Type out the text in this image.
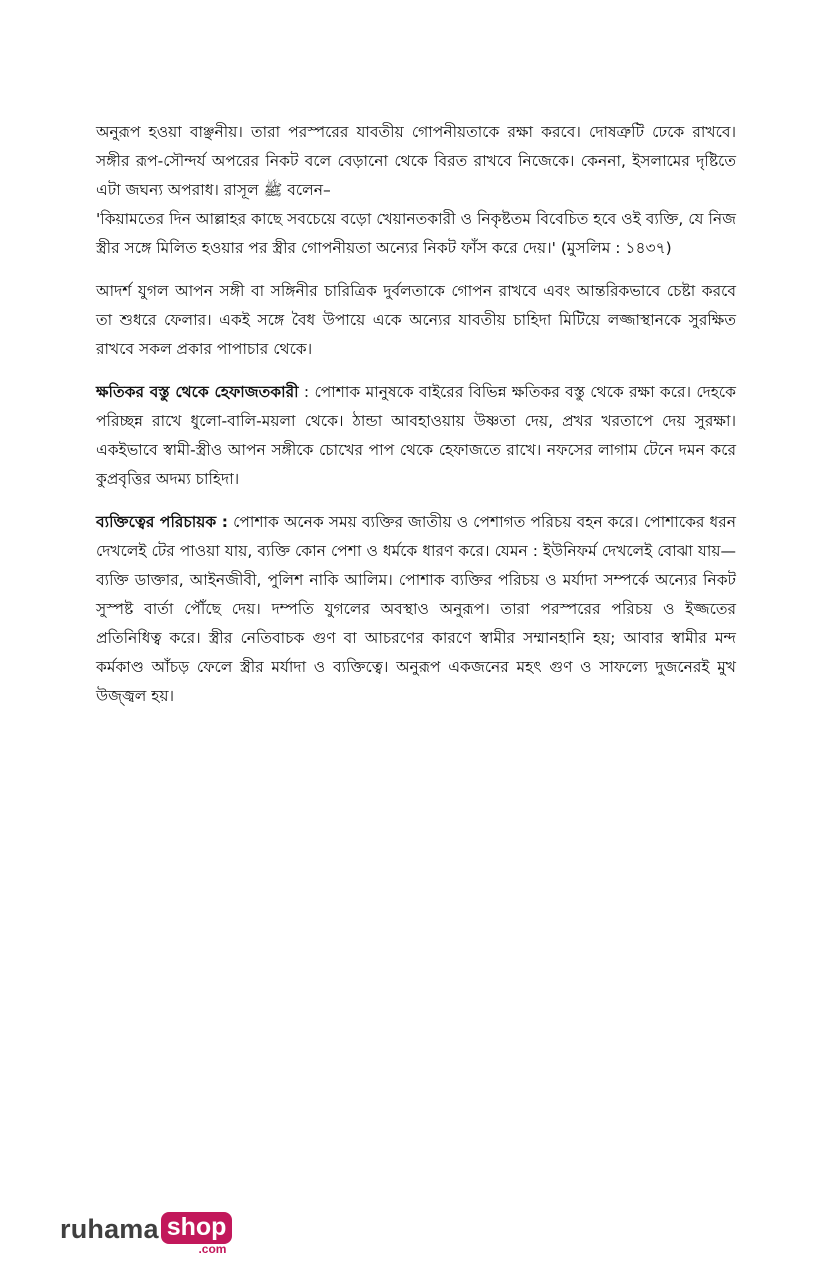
অনুরূপ হওয়া বাঞ্ছনীয়। তারা পরস্পরের যাবতীয় গোপনীয়তাকে রক্ষা করবে। দোষত্রুটি ঢেকে রাখবে। সঙ্গীর রূপ-সৌন্দর্য অপরের নিকট বলে বেড়ানো থেকে বিরত রাখবে নিজেকে। কেননা, ইসলামের দৃষ্টিতে এটা জঘন্য অপরাধ। রাসূল ﷺ বলেন–

'কিয়ামতের দিন আল্লাহর কাছে সবচেয়ে বড়ো খেয়ানতকারী ও নিকৃষ্টতম বিবেচিত হবে ওই ব্যক্তি, যে নিজ স্ত্রীর সঙ্গে মিলিত হওয়ার পর স্ত্রীর গোপনীয়তা অন্যের নিকট ফাঁস করে দেয়।' (মুসলিম : ১৪৩৭)

আদর্শ যুগল আপন সঙ্গী বা সঙ্গিনীর চারিত্রিক দুর্বলতাকে গোপন রাখবে এবং আন্তরিকভাবে চেষ্টা করবে তা শুধরে ফেলার। একই সঙ্গে বৈধ উপায়ে একে অন্যের যাবতীয় চাহিদা মিটিয়ে লজ্জাস্থানকে সুরক্ষিত রাখবে সকল প্রকার পাপাচার থেকে।

ক্ষতিকর বস্তু থেকে হেফাজতকারী : পোশাক মানুষকে বাইরের বিভিন্ন ক্ষতিকর বস্তু থেকে রক্ষা করে। দেহকে পরিচ্ছন্ন রাখে ধুলো-বালি-ময়লা থেকে। ঠান্ডা আবহাওয়ায় উষ্ণতা দেয়, প্রখর খরতাপে দেয় সুরক্ষা। একইভাবে স্বামী-স্ত্রীও আপন সঙ্গীকে চোখের পাপ থেকে হেফাজতে রাখে। নফসের লাগাম টেনে দমন করে কুপ্রবৃত্তির অদম্য চাহিদা।

ব্যক্তিত্বের পরিচায়ক : পোশাক অনেক সময় ব্যক্তির জাতীয় ও পেশাগত পরিচয় বহন করে। পোশাকের ধরন দেখলেই টের পাওয়া যায়, ব্যক্তি কোন পেশা ও ধর্মকে ধারণ করে। যেমন : ইউনিফর্ম দেখলেই বোঝা যায়—ব্যক্তি ডাক্তার, আইনজীবী, পুলিশ নাকি আলিম। পোশাক ব্যক্তির পরিচয় ও মর্যাদা সম্পর্কে অন্যের নিকট সুস্পষ্ট বার্তা পৌঁছে দেয়। দম্পতি যুগলের অবস্থাও অনুরূপ। তারা পরস্পরের পরিচয় ও ইজ্জতের প্রতিনিধিত্ব করে। স্ত্রীর নেতিবাচক গুণ বা আচরণের কারণে স্বামীর সম্মানহানি হয়; আবার স্বামীর মন্দ কর্মকাণ্ড আঁচড় ফেলে স্ত্রীর মর্যাদা ও ব্যক্তিত্বে। অনুরূপ একজনের মহৎ গুণ ও সাফল্যে দুজনেরই মুখ উজ্জ্বল হয়।

ruhama shop
.com
